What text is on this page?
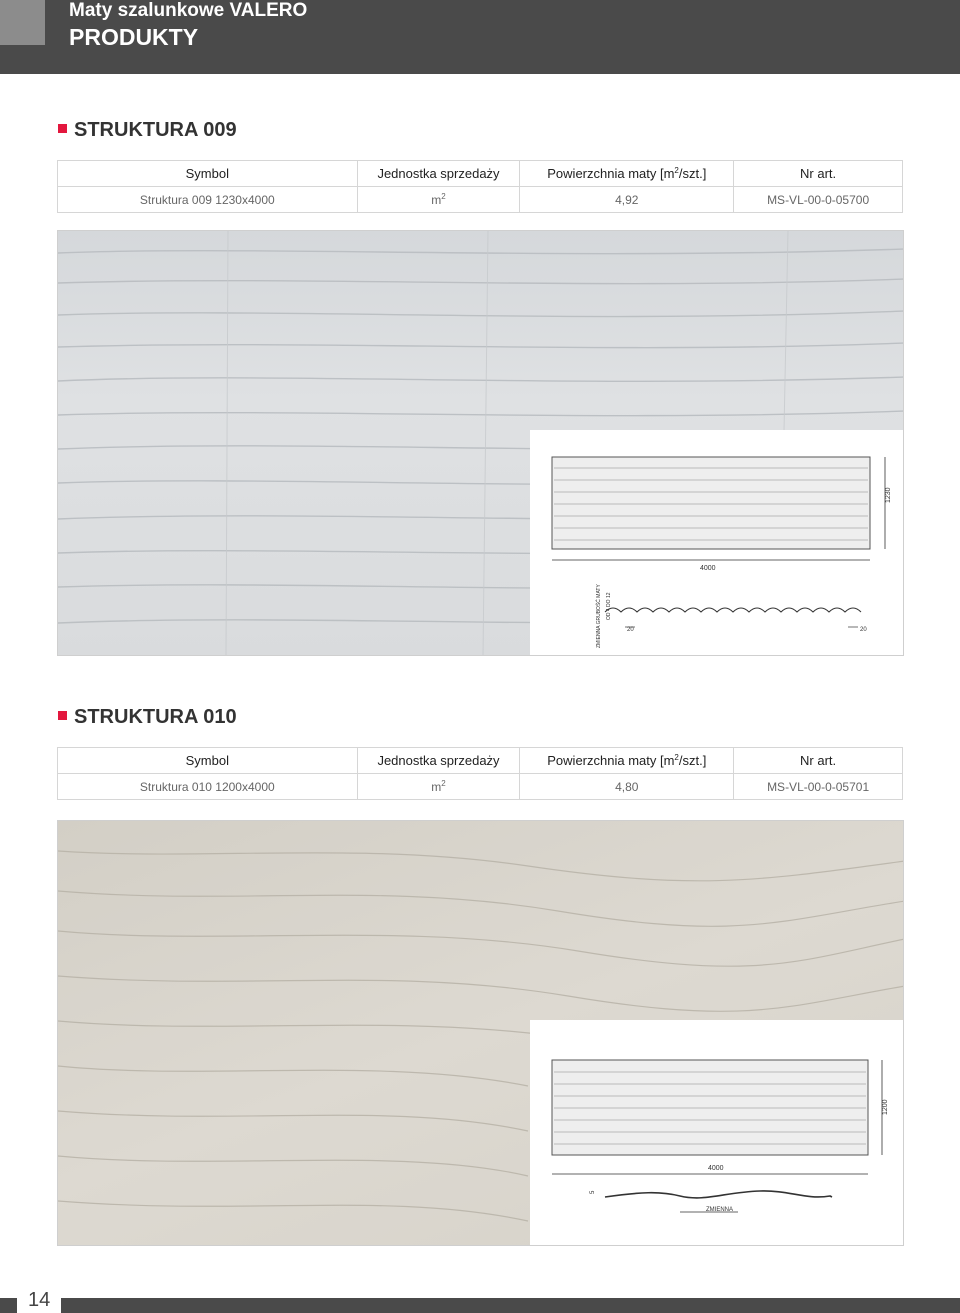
Maty szalunkowe VALERO
PRODUKTY
STRUKTURA 009
Symbol	Jednostka sprzedaży	Powierzchnia maty $[m^2/szt.]$	Nr art.
Struktura 009 1230x4000	$m^2$	4,92	MS-VL-00-0-05700
1230
4000
ZMIENNA GRUBOŚĆ MATY OD 4 DO 12
20	20
STRUKTURA 010
Symbol	Jednostka sprzedaży	Powierzchnia maty $[m^2/szt.]$	Nr art.
Struktura 010 1200x4000	$m^2$	4,80	MS-VL-00-0-05701
1200
4000
5
ZMIENNA
14
